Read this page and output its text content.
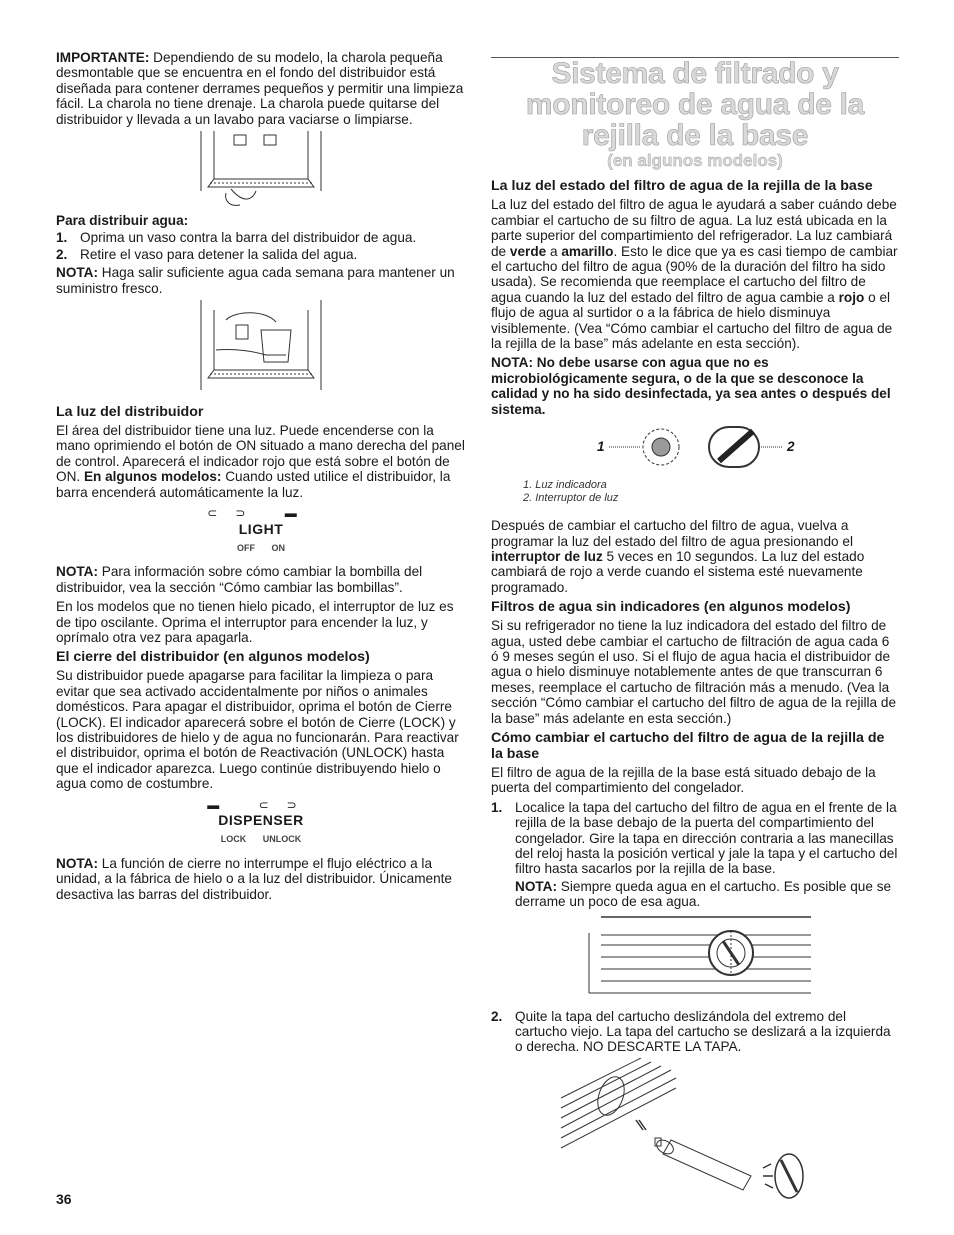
IMPORTANTE: Dependiendo de su modelo, la charola pequeña desmontable que se encuentra en el fondo del distribuidor está diseñada para contener derrames pequeños y permitir una limpieza fácil. La charola no tiene drenaje. La charola puede quitarse del distribuidor y llevada a un lavabo para vaciarse o limpiarse.

Para distribuir agua:

1. Oprima un vaso contra la barra del distribuidor de agua.
2. Retire el vaso para detener la salida del agua.

NOTA: Haga salir suficiente agua cada semana para mantener un suministro fresco.

La luz del distribuidor

El área del distribuidor tiene una luz. Puede encenderse con la mano oprimiendo el botón de ON situado a mano derecha del panel de control. Aparecerá el indicador rojo que está sobre el botón de ON. En algunos modelos: Cuando usted utilice el distribuidor, la barra encenderá automáticamente la luz.

⊂⊃ ▬
LIGHT
OFF ON

NOTA: Para información sobre cómo cambiar la bombilla del distribuidor, vea la sección “Cómo cambiar las bombillas”.

En los modelos que no tienen hielo picado, el interruptor de luz es de tipo oscilante. Oprima el interruptor para encender la luz, y oprímalo otra vez para apagarla.

El cierre del distribuidor (en algunos modelos)

Su distribuidor puede apagarse para facilitar la limpieza o para evitar que sea activado accidentalmente por niños o animales domésticos. Para apagar el distribuidor, oprima el botón de Cierre (LOCK). El indicador aparecerá sobre el botón de Cierre (LOCK) y los distribuidores de hielo y de agua no funcionarán. Para reactivar el distribuidor, oprima el botón de Reactivación (UNLOCK) hasta que el indicador aparezca. Luego continúe distribuyendo hielo o agua como de costumbre.

▬ ⊂⊃
DISPENSER
LOCK UNLOCK

NOTA: La función de cierre no interrumpe el flujo eléctrico a la unidad, a la fábrica de hielo o a la luz del distribuidor. Únicamente desactiva las barras del distribuidor.

Sistema de filtrado y monitoreo de agua de la rejilla de la base
(en algunos modelos)
La luz del estado del filtro de agua de la rejilla de la base

La luz del estado del filtro de agua le ayudará a saber cuándo debe cambiar el cartucho de su filtro de agua. La luz está ubicada en la parte superior del compartimiento del refrigerador. La luz cambiará de verde a amarillo. Esto le dice que ya es casi tiempo de cambiar el cartucho del filtro de agua (90% de la duración del filtro ha sido usada). Se recomienda que reemplace el cartucho del filtro de agua cuando la luz del estado del filtro de agua cambie a rojo o el flujo de agua al surtidor o a la fábrica de hielo disminuya visiblemente. (Vea “Cómo cambiar el cartucho del filtro de agua de la rejilla de la base” más adelante en esta sección).

NOTA: No debe usarse con agua que no es microbiológicamente segura, o de la que se desconoce la calidad y no ha sido desinfectada, ya sea antes o después del sistema.

1	2
1. Luz indicadora
2. Interruptor de luz

Después de cambiar el cartucho del filtro de agua, vuelva a programar la luz del estado del filtro de agua presionando el interruptor de luz 5 veces en 10 segundos. La luz del estado cambiará de rojo a verde cuando el sistema esté nuevamente programado.

Filtros de agua sin indicadores (en algunos modelos)

Si su refrigerador no tiene la luz indicadora del estado del filtro de agua, usted debe cambiar el cartucho de filtración de agua cada 6 ó 9 meses según el uso. Si el flujo de agua hacia el distribuidor de agua o hielo disminuye notablemente antes de que transcurran 6 meses, reemplace el cartucho de filtración más a menudo. (Vea la sección “Cómo cambiar el cartucho del filtro de agua de la rejilla de la base” más adelante en esta sección.)

Cómo cambiar el cartucho del filtro de agua de la rejilla de la base

El filtro de agua de la rejilla de la base está situado debajo de la puerta del compartimiento del congelador.

1. Localice la tapa del cartucho del filtro de agua en el frente de la rejilla de la base debajo de la puerta del compartimiento del congelador. Gire la tapa en dirección contraria a las manecillas del reloj hasta la posición vertical y jale la tapa y el cartucho del filtro hasta sacarlos por la rejilla de la base.
NOTA: Siempre queda agua en el cartucho. Es posible que se derrame un poco de esa agua.
2. Quite la tapa del cartucho deslizándola del extremo del cartucho viejo. La tapa del cartucho se deslizará a la izquierda o derecha. NO DESCARTE LA TAPA.
36
